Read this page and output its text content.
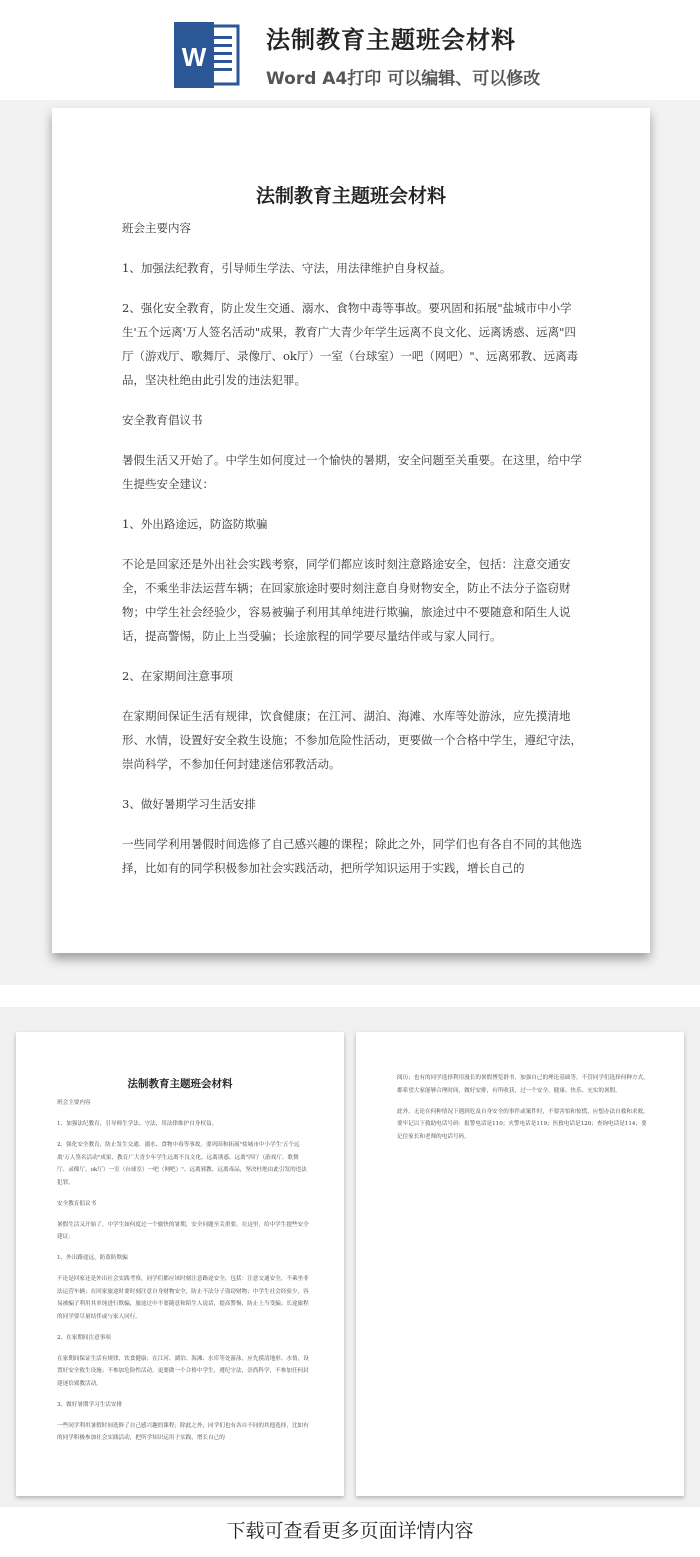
W
法制教育主题班会材料
Word A4打印 可以编辑、可以修改
法制教育主题班会材料

班会主要内容

1、加强法纪教育，引导师生学法、守法，用法律维护自身权益。

2、强化安全教育，防止发生交通、溺水、食物中毒等事故。要巩固和拓展"盐城市中小学生'五个远离'万人签名活动"成果，教育广大青少年学生远离不良文化、远离诱惑、远离"四厅（游戏厅、歌舞厅、录像厅、ok厅）一室（台球室）一吧（网吧）"、远离邪教、远离毒品，坚决杜绝由此引发的违法犯罪。

安全教育倡议书

暑假生活又开始了。中学生如何度过一个愉快的暑期，安全问题至关重要。在这里，给中学生提些安全建议：

1、外出路途远，防盗防欺骗

不论是回家还是外出社会实践考察，同学们都应该时刻注意路途安全，包括：注意交通安全，不乘坐非法运营车辆；在回家旅途时要时刻注意自身财物安全，防止不法分子盗窃财物；中学生社会经验少，容易被骗子利用其单纯进行欺骗，旅途过中不要随意和陌生人说话，提高警惕，防止上当受骗；长途旅程的同学要尽量结伴或与家人同行。

2、在家期间注意事项

在家期间保证生活有规律，饮食健康；在江河、湖泊、海滩、水库等处游泳，应先摸清地形、水情，设置好安全救生设施；不参加危险性活动，更要做一个合格中学生，遵纪守法，崇尚科学，不参加任何封建迷信邪教活动。

3、做好暑期学习生活安排

一些同学利用暑假时间选修了自己感兴趣的课程；除此之外，同学们也有各自不同的其他选择，比如有的同学积极参加社会实践活动，把所学知识运用于实践，增长自己的

法制教育主题班会材料

班会主要内容

1、加强法纪教育，引导师生学法、守法，用法律维护自身权益。

2、强化安全教育，防止发生交通、溺水、食物中毒等事故。要巩固和拓展"盐城市中小学生'五个远离'万人签名活动"成果，教育广大青少年学生远离不良文化、远离诱惑、远离"四厅（游戏厅、歌舞厅、录像厅、ok厅）一室（台球室）一吧（网吧）"、远离邪教、远离毒品，坚决杜绝由此引发的违法犯罪。

安全教育倡议书

暑假生活又开始了。中学生如何度过一个愉快的暑期，安全问题至关重要。在这里，给中学生提些安全建议：

1、外出路途远，防盗防欺骗

不论是回家还是外出社会实践考察，同学们都应该时刻注意路途安全，包括：注意交通安全，不乘坐非法运营车辆；在回家旅途时要时刻注意自身财物安全，防止不法分子盗窃财物；中学生社会经验少，容易被骗子利用其单纯进行欺骗，旅途过中不要随意和陌生人说话，提高警惕，防止上当受骗；长途旅程的同学要尽量结伴或与家人同行。

2、在家期间注意事项

在家期间保证生活有规律，饮食健康；在江河、湖泊、海滩、水库等处游泳，应先摸清地形、水情，设置好安全救生设施；不参加危险性活动，更要做一个合格中学生，遵纪守法，崇尚科学，不参加任何封建迷信邪教活动。

3、做好暑期学习生活安排

一些同学利用暑假时间选修了自己感兴趣的课程；除此之外，同学们也有各自不同的其他选择，比如有的同学积极参加社会实践活动，把所学知识运用于实践，增长自己的

阅历；也有的同学选择利用漫长的暑假博览群书，加强自己的理论基础等。不管同学们选择何种方式，都希望大家能够合理时间，做好安排，有所收获，过一个安全、健康、快乐、充实的暑假。

此外，无论在何种情况下遇到危及自身安全的事件或案件时，不要害怕和惊慌，应想办法自救和求救，要牢记以下救助电话号码：报警电话是110；火警电话是119；医救电话是120；查询电话是114；要记住家长和老师的电话号码。

下载可查看更多页面详情内容
